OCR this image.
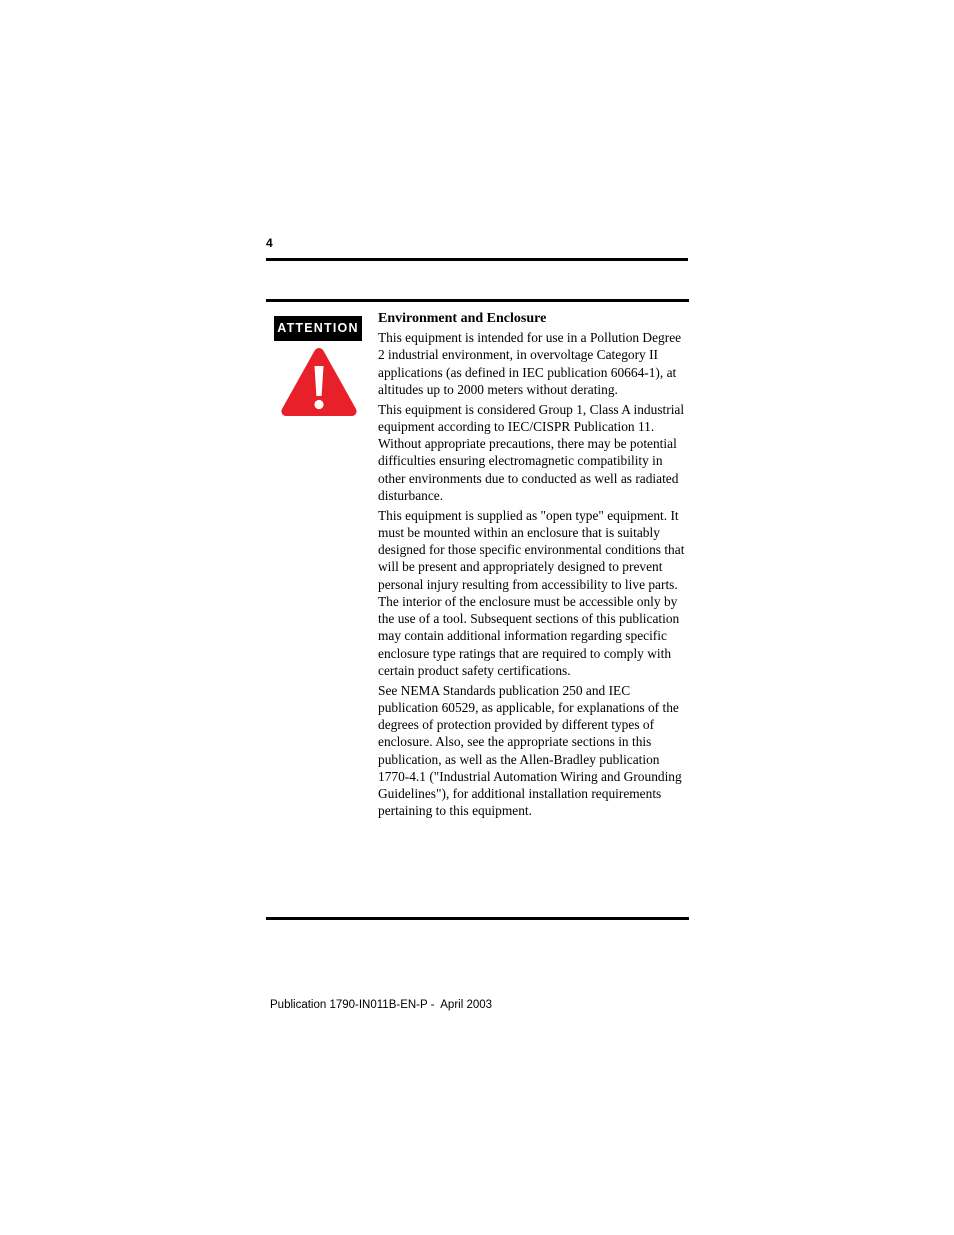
4
ATTENTION
Environment and Enclosure

This equipment is intended for use in a Pollution Degree 2 industrial environment, in overvoltage Category II applications (as defined in IEC publication 60664-1), at altitudes up to 2000 meters without derating.

This equipment is considered Group 1, Class A industrial equipment according to IEC/CISPR Publication 11. Without appropriate precautions, there may be potential difficulties ensuring electromagnetic compatibility in other environments due to conducted as well as radiated disturbance.

This equipment is supplied as "open type" equipment. It must be mounted within an enclosure that is suitably designed for those specific environmental conditions that will be present and appropriately designed to prevent personal injury resulting from accessibility to live parts. The interior of the enclosure must be accessible only by the use of a tool. Subsequent sections of this publication may contain additional information regarding specific enclosure type ratings that are required to comply with certain product safety certifications.

See NEMA Standards publication 250 and IEC publication 60529, as applicable, for explanations of the degrees of protection provided by different types of enclosure. Also, see the appropriate sections in this publication, as well as the Allen-Bradley publication 1770-4.1 ("Industrial Automation Wiring and Grounding Guidelines"), for additional installation requirements pertaining to this equipment.

Publication 1790-IN011B-EN-P -  April 2003
